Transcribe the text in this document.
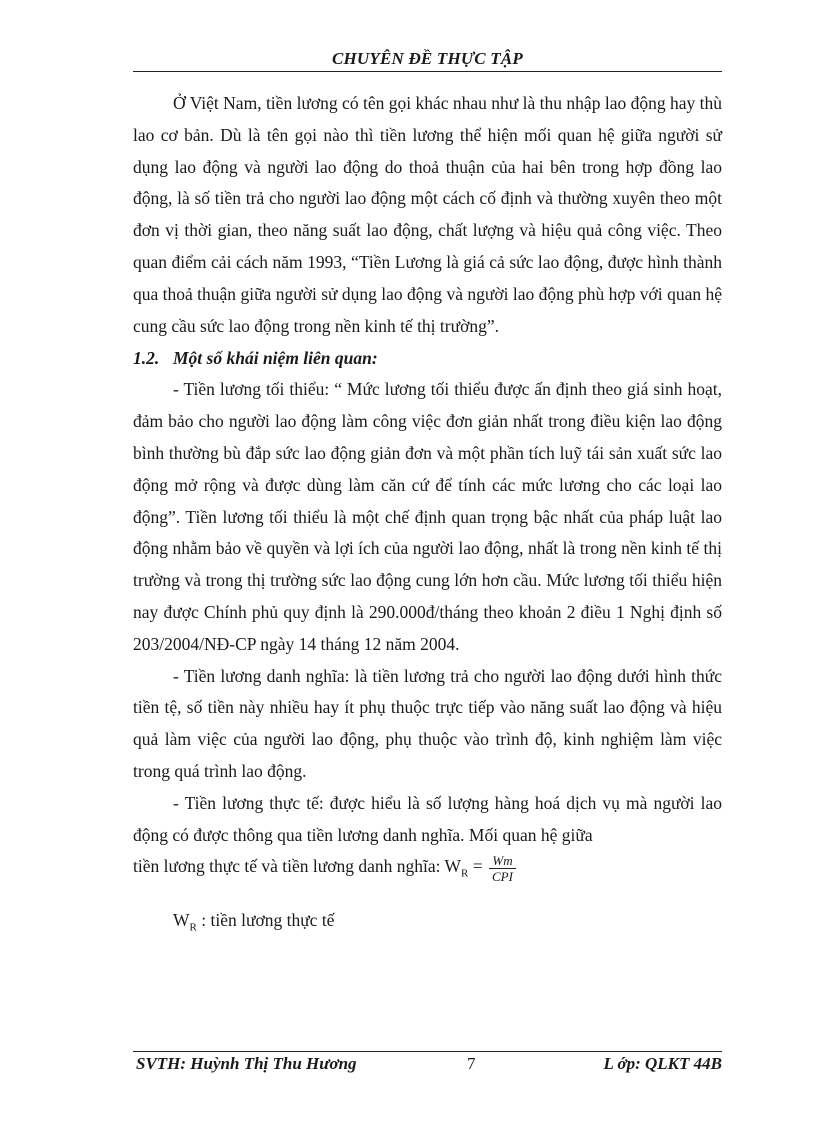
CHUYÊN ĐỀ THỰC TẬP

Ở Việt Nam, tiền lương có tên gọi khác nhau như là thu nhập lao động hay thù lao cơ bản. Dù là tên gọi nào thì tiền lương thể hiện mối quan hệ giữa người sử dụng lao động và người lao động do thoả thuận của hai bên trong hợp đồng lao động, là số tiền trả cho người lao động một cách cố định và thường xuyên theo một đơn vị thời gian, theo năng suất lao động, chất lượng và hiệu quả công việc. Theo quan điểm cải cách năm 1993, “Tiền Lương là giá cả sức lao động, được hình thành qua thoả thuận giữa người sử dụng lao động và người lao động phù hợp với quan hệ cung cầu sức lao động trong nền kinh tế thị trường”.

1.2. Một số khái niệm liên quan:

- Tiền lương tối thiểu: “ Mức lương tối thiểu được ấn định theo giá sinh hoạt, đảm bảo cho người lao động làm công việc đơn giản nhất trong điều kiện lao động bình thường bù đắp sức lao động giản đơn và một phần tích luỹ tái sản xuất sức lao động mở rộng và được dùng làm căn cứ để tính các mức lương cho các loại lao động”. Tiền lương tối thiểu là một chế định quan trọng bậc nhất của pháp luật lao động nhằm bảo về quyền và lợi ích của người lao động, nhất là trong nền kinh tế thị trường và trong thị trường sức lao động cung lớn hơn cầu. Mức lương tối thiểu hiện nay được Chính phủ quy định là 290.000đ/tháng theo khoản 2 điều 1 Nghị định số 203/2004/NĐ-CP ngày 14 tháng 12 năm 2004.

- Tiền lương danh nghĩa: là tiền lương trả cho người lao động dưới hình thức tiền tệ, số tiền này nhiều hay ít phụ thuộc trực tiếp vào năng suất lao động và hiệu quả làm việc của người lao động, phụ thuộc vào trình độ, kinh nghiệm làm việc trong quá trình lao động.

- Tiền lương thực tế: được hiểu là số lượng hàng hoá dịch vụ mà người lao động có được thông qua tiền lương danh nghĩa. Mối quan hệ giữa

tiền lương thực tế và tiền lương danh nghĩa: $W_R = \frac{Wm}{\text{CPI}}$

$W_R$ : tiền lương thực tế

SVTH: Huỳnh Thị Thu Hương	7	L ớp: QLKT 44B
